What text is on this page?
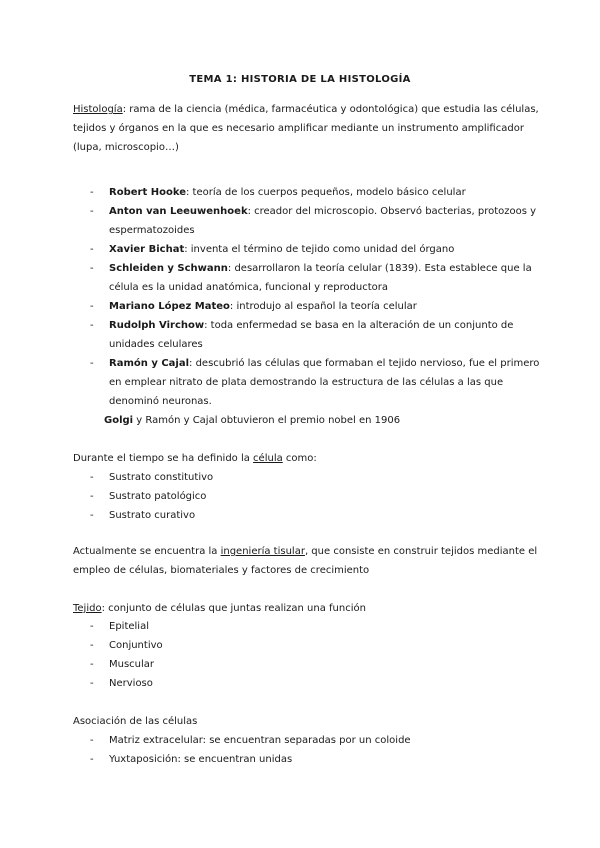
TEMA 1: HISTORIA DE LA HISTOLOGÍA

Histología: rama de la ciencia (médica, farmacéutica y odontológica) que estudia las células, tejidos y órganos en la que es necesario amplificar mediante un instrumento amplificador (lupa, microscopio…)

- Robert Hooke: teoría de los cuerpos pequeños, modelo básico celular
- Anton van Leeuwenhoek: creador del microscopio. Observó bacterias, protozoos y espermatozoides
- Xavier Bichat: inventa el término de tejido como unidad del órgano
- Schleiden y Schwann: desarrollaron la teoría celular (1839). Esta establece que la célula es la unidad anatómica, funcional y reproductora
- Mariano López Mateo: introdujo al español la teoría celular
- Rudolph Virchow: toda enfermedad se basa en la alteración de un conjunto de unidades celulares
- Ramón y Cajal: descubrió las células que formaban el tejido nervioso, fue el primero en emplear nitrato de plata demostrando la estructura de las células a las que denominó neuronas.

Golgi y Ramón y Cajal obtuvieron el premio nobel en 1906

Durante el tiempo se ha definido la célula como:

- Sustrato constitutivo
- Sustrato patológico
- Sustrato curativo

Actualmente se encuentra la ingeniería tisular, que consiste en construir tejidos mediante el empleo de células, biomateriales y factores de crecimiento

Tejido: conjunto de células que juntas realizan una función

- Epitelial
- Conjuntivo
- Muscular
- Nervioso

Asociación de las células

- Matriz extracelular: se encuentran separadas por un coloide
- Yuxtaposición: se encuentran unidas
